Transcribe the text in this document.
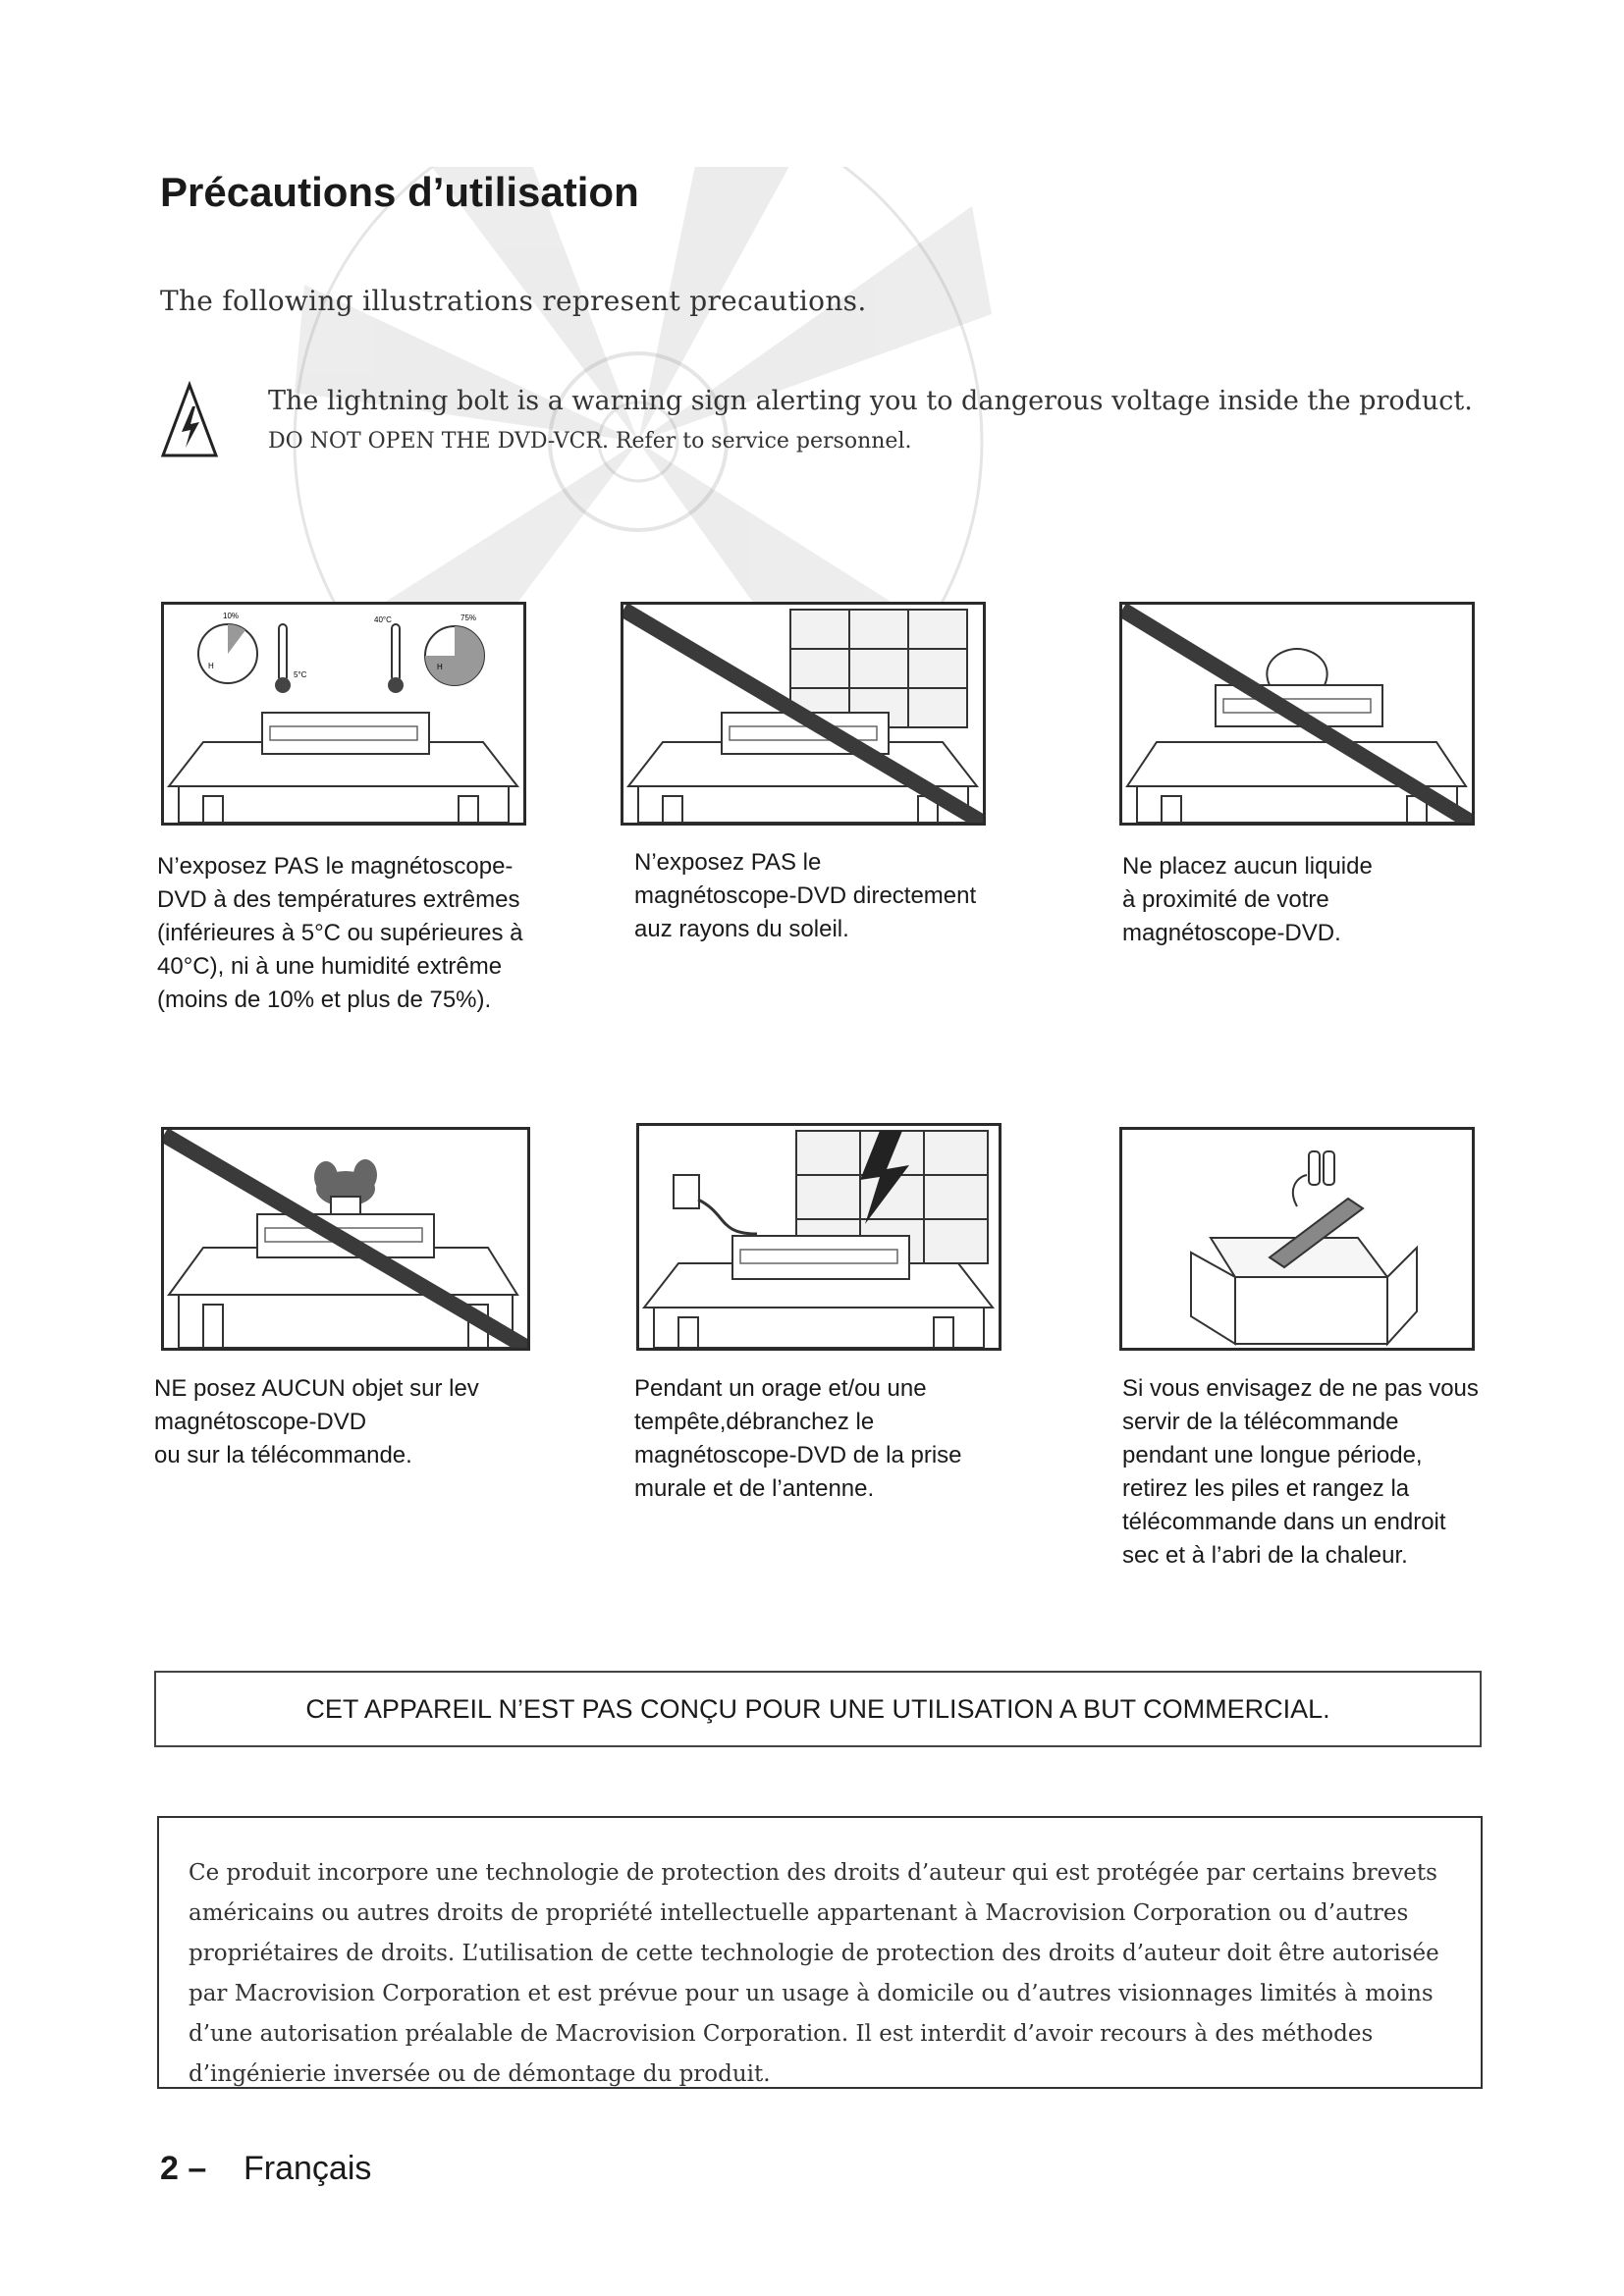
Précautions d’utilisation
The following illustrations represent precautions.
The lightning bolt is a warning sign alerting you to dangerous voltage inside the product.
DO NOT OPEN THE DVD-VCR. Refer to service personnel.
10%
H
5°C
40°C	75%
H
N’exposez PAS le magnétoscope-
DVD à des températures extrêmes
(inférieures à 5°C ou supérieures à
40°C), ni à une humidité extrême
(moins de 10% et plus de 75%).
N’exposez PAS le
magnétoscope-DVD directement
auz rayons du soleil.
Ne placez aucun liquide
à proximité de votre
magnétoscope-DVD.
NE posez AUCUN objet sur lev
magnétoscope-DVD
ou sur la télécommande.
Pendant un orage et/ou une
tempête,débranchez le
magnétoscope-DVD de la prise
murale et de l’antenne.
Si vous envisagez de ne pas vous
servir de la télécommande
pendant une longue période,
retirez les piles et rangez la
télécommande dans un endroit
sec et à l’abri de la chaleur.
CET APPAREIL N’EST PAS CONÇU POUR UNE UTILISATION A BUT COMMERCIAL.
Ce produit incorpore une technologie de protection des droits d’auteur qui est protégée par certains brevets américains ou autres droits de propriété intellectuelle appartenant à Macrovision Corporation ou d’autres propriétaires de droits. L’utilisation de cette technologie de protection des droits d’auteur doit être autorisée par Macrovision Corporation et est prévue pour un usage à domicile ou d’autres visionnages limités à moins d’une autorisation préalable de Macrovision Corporation. Il est interdit d’avoir recours à des méthodes d’ingénierie inversée ou de démontage du produit.
2 – Français
